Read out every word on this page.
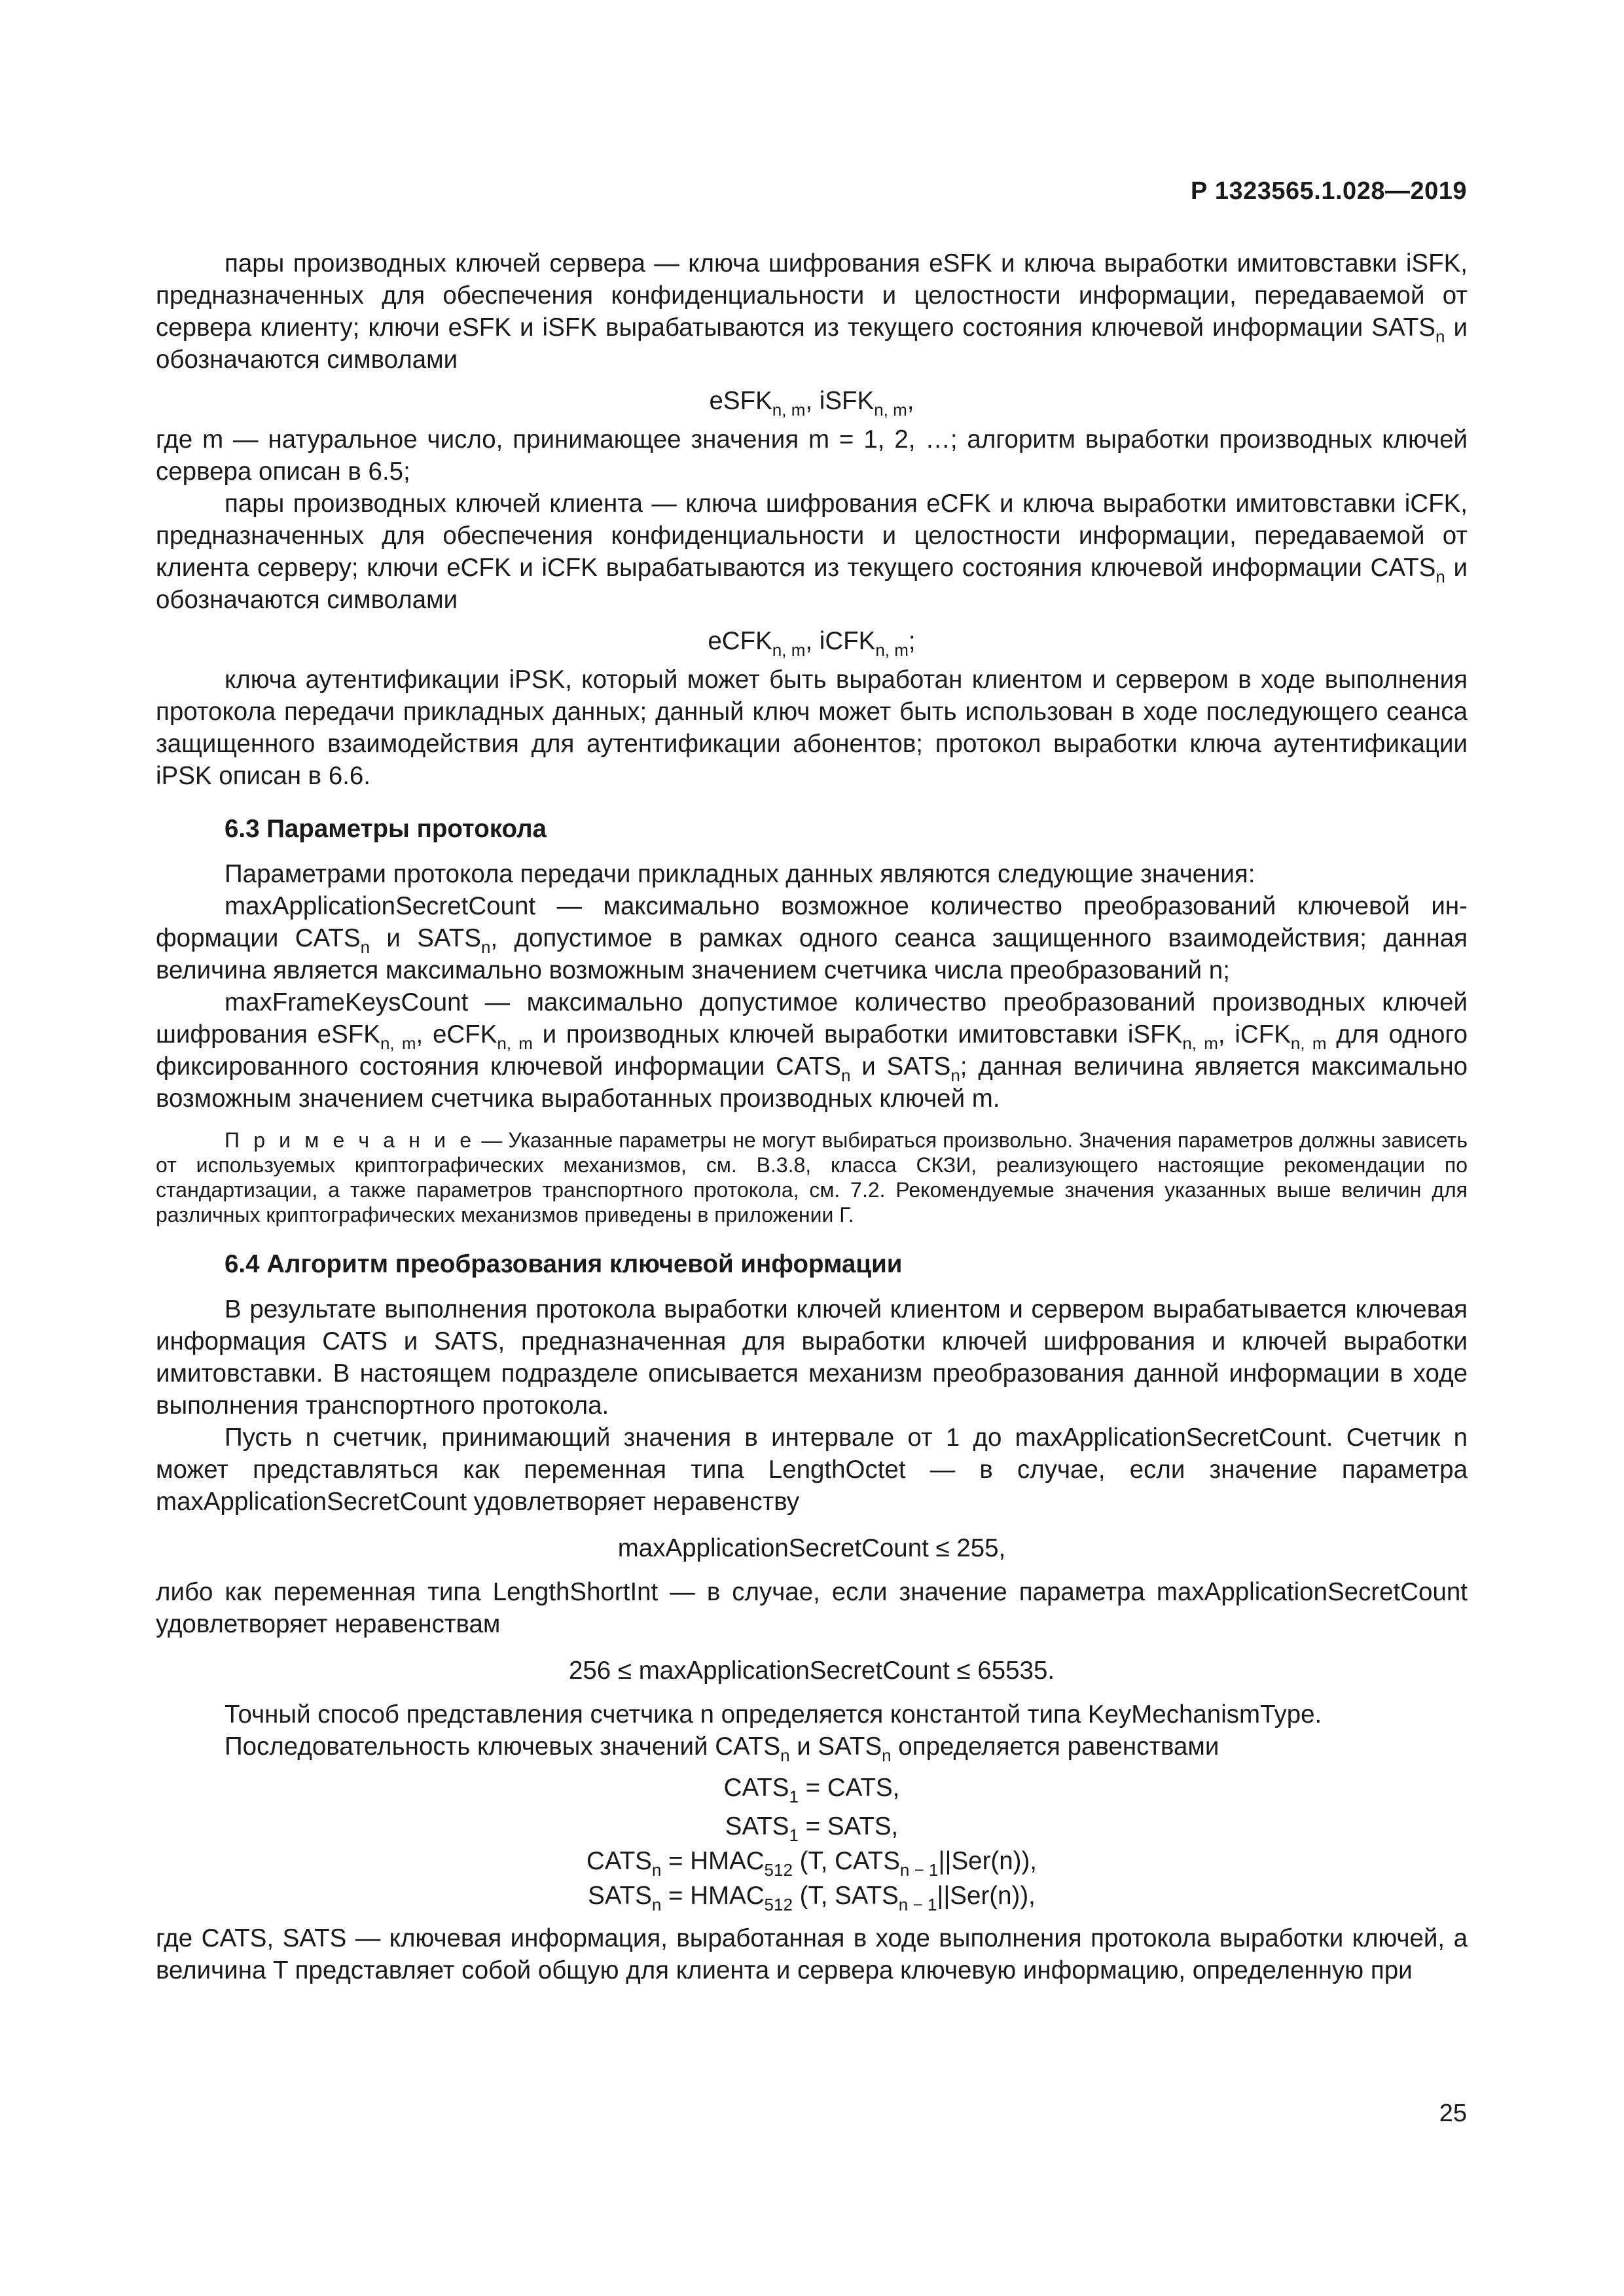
Р 1323565.1.028—2019

пары производных ключей сервера — ключа шифрования eSFK и ключа выработки имитовставки iSFK, предназначенных для обеспечения конфиденциальности и целостности информации, передаваемой от сервера клиенту; ключи eSFK и iSFK вырабатываются из текущего состояния ключевой информации $SATS_n$ и обозначаются символами

eSFK$_{n, m}$, iSFK$_{n, m}$,

где m — натуральное число, принимающее значения m = 1, 2, …; алгоритм выработки производных ключей сервера описан в 6.5;

пары производных ключей клиента — ключа шифрования eCFK и ключа выработки имитовставки iCFK, предназначенных для обеспечения конфиденциальности и целостности информации, передаваемой от клиента серверу; ключи eCFK и iCFK вырабатываются из текущего состояния ключевой информации $CATS_n$ и обозначаются символами

eCFK$_{n, m}$, iCFK$_{n, m}$;

ключа аутентификации iPSK, который может быть выработан клиентом и сервером в ходе выполнения протокола передачи прикладных данных; данный ключ может быть использован в ходе последующего сеанса защищенного взаимодействия для аутентификации абонентов; протокол выработки ключа аутентификации iPSK описан в 6.6.

6.3 Параметры протокола

Параметрами протокола передачи прикладных данных являются следующие значения:

maxApplicationSecretCount — максимально возможное количество преобразований ключевой информации $CATS_n$ и $SATS_n$, допустимое в рамках одного сеанса защищенного взаимодействия; данная величина является максимально возможным значением счетчика числа преобразований n;

maxFrameKeysCount — максимально допустимое количество преобразований производных ключей шифрования eSFK$_{n, m}$, eCFK$_{n, m}$ и производных ключей выработки имитовставки iSFK$_{n, m}$, iCFK$_{n, m}$ для одного фиксированного состояния ключевой информации $CATS_n$ и $SATS_n$; данная величина является максимально возможным значением счетчика выработанных производных ключей m.

П р и м е ч а н и е — Указанные параметры не могут выбираться произвольно. Значения параметров должны зависеть от используемых криптографических механизмов, см. В.3.8, класса СКЗИ, реализующего настоящие рекомендации по стандартизации, а также параметров транспортного протокола, см. 7.2. Рекомендуемые значения указанных выше величин для различных криптографических механизмов приведены в приложении Г.

6.4 Алгоритм преобразования ключевой информации

В результате выполнения протокола выработки ключей клиентом и сервером вырабатывается ключевая информация CATS и SATS, предназначенная для выработки ключей шифрования и ключей выработки имитовставки. В настоящем подразделе описывается механизм преобразования данной информации в ходе выполнения транспортного протокола.

Пусть n счетчик, принимающий значения в интервале от 1 до maxApplicationSecretCount. Счетчик n может представляться как переменная типа LengthOctet — в случае, если значение параметра maxApplicationSecretCount удовлетворяет неравенству

maxApplicationSecretCount ≤ 255,

либо как переменная типа LengthShortInt — в случае, если значение параметра maxApplicationSecretCount удовлетворяет неравенствам

256 ≤ maxApplicationSecretCount ≤ 65535.

Точный способ представления счетчика n определяется константой типа KeyMechanismType.

Последовательность ключевых значений $CATS_n$ и $SATS_n$ определяется равенствами

$CATS_1$ = CATS,

$SATS_1$ = SATS,

$CATS_n$ = $HMAC_{512}$ (T, $CATS_{n - 1}||Ser(n)$),

$SATS_n$ = $HMAC_{512}$ (T, $SATS_{n - 1}||Ser(n)$),

где CATS, SATS — ключевая информация, выработанная в ходе выполнения протокола выработки ключей, а величина T представляет собой общую для клиента и сервера ключевую информацию, определенную при

25
